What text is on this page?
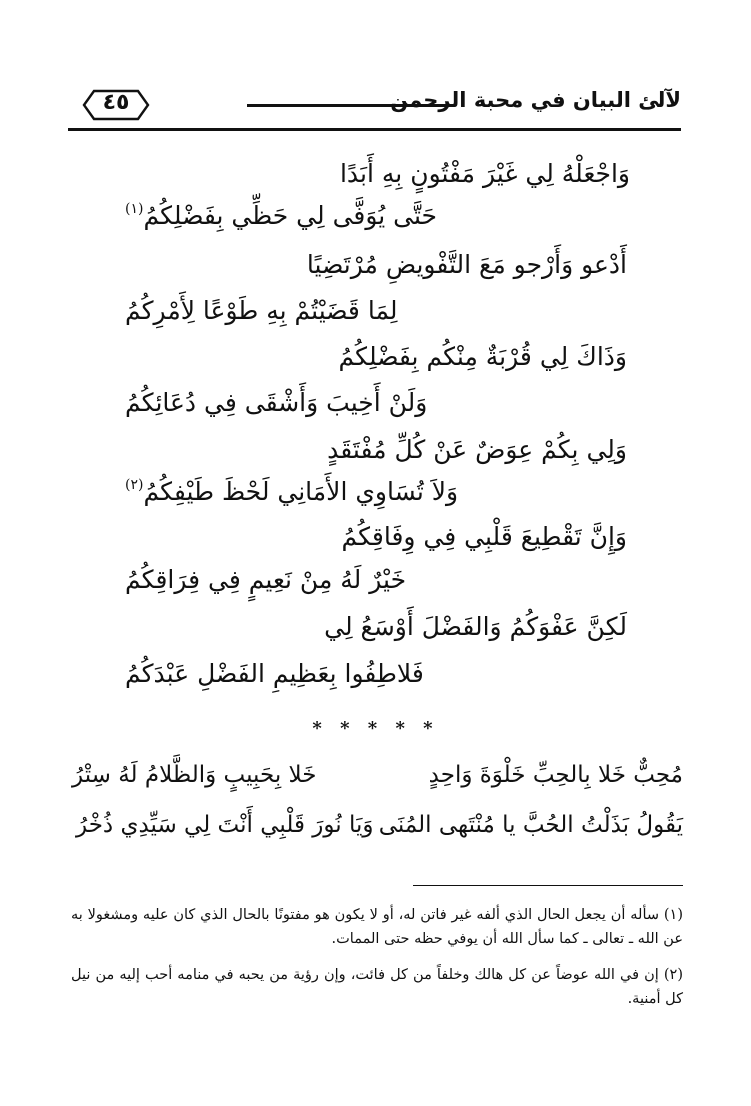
لآلئ البيان في محبة الرحمن
٤٥
وَاجْعَلْهُ لِي غَيْرَ مَفْتُونٍ بِهِ أَبَدًا
حَتَّى يُوَفَّى لِي حَظِّي بِفَضْلِكُمُ$^{(١)}$
أَدْعو وَأَرْجو مَعَ التَّفْويضِ مُرْتَضِيًا
لِمَا قَضَيْتُمْ بِهِ طَوْعًا لِأَمْرِكُمُ
وَذَاكَ لِي قُرْبَةٌ مِنْكُم بِفَضْلِكُمُ
وَلَنْ أَخِيبَ وَأَشْقَى فِي دُعَائِكُمُ
وَلِي بِكُمْ عِوَضٌ عَنْ كُلِّ مُفْتَقَدٍ
وَلاَ تُسَاوِي الأَمَانِي لَحْظَ طَيْفِكُمُ$^{(٢)}$
وَإِنَّ تَقْطِيعَ قَلْبِي فِي وِفَاقِكُمُ
خَيْرٌ لَهُ مِنْ نَعِيمٍ فِي فِرَاقِكُمُ
لَكِنَّ عَفْوَكُمُ وَالفَضْلَ أَوْسَعُ لِي
فَلاطِفُوا بِعَظِيمِ الفَضْلِ عَبْدَكُمُ
* * * * *
مُحِبٌّ خَلا بِالحِبِّ خَلْوَةَ وَاحِدٍ
خَلا بِحَبِيبٍ وَالظَّلامُ لَهُ سِتْرُ
يَقُولُ بَذَلْتُ الحُبَّ يا مُنْتَهى المُنَى
وَيَا نُورَ قَلْبِي أَنْتَ لِي سَيِّدِي ذُخْرُ
(١) سأله أن يجعل الحال الذي ألفه غير فاتن له، أو لا يكون هو مفتونًا بالحال الذي كان عليه ومشغولا به عن الله ـ تعالى ـ كما سأل الله أن يوفي حظه حتى الممات.
(٢) إن في الله عوضاً عن كل هالك وخلفاً من كل فائت، وإن رؤية من يحبه في منامه أحب إليه من نيل كل أمنية.
